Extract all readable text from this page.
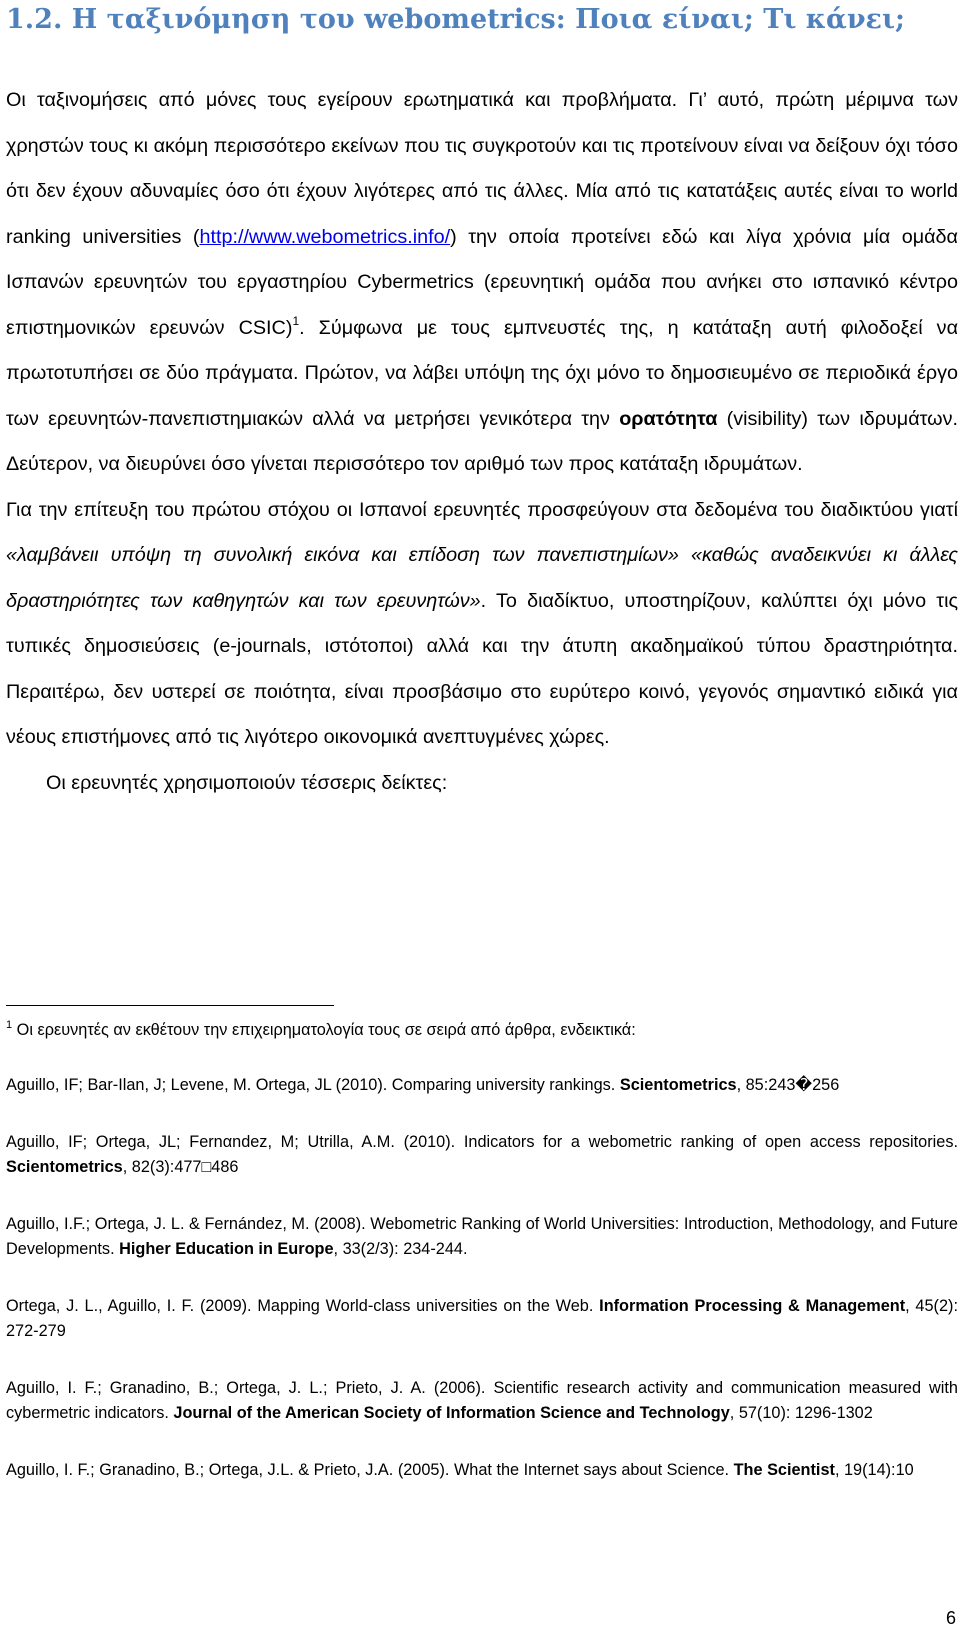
1.2. Η ταξινόμηση του webometrics: Ποια είναι; Τι κάνει;

Οι ταξινομήσεις από μόνες τους εγείρουν ερωτηματικά και προβλήματα. Γι’ αυτό, πρώτη μέριμνα των χρηστών τους κι ακόμη περισσότερο εκείνων που τις συγκροτούν και τις προτείνουν είναι να δείξουν όχι τόσο ότι δεν έχουν αδυναμίες όσο ότι έχουν λιγότερες από τις άλλες. Μία από τις κατατάξεις αυτές είναι το world ranking universities (http://www.webometrics.info/) την οποία προτείνει εδώ και λίγα χρόνια μία ομάδα Ισπανών ερευνητών του εργαστηρίου Cybermetrics (ερευνητική ομάδα που ανήκει στο ισπανικό κέντρο επιστημονικών ερευνών CSIC)$^1$. Σύμφωνα με τους εμπνευστές της, η κατάταξη αυτή φιλοδοξεί να πρωτοτυπήσει σε δύο πράγματα. Πρώτον, να λάβει υπόψη της όχι μόνο το δημοσιευμένο σε περιοδικά έργο των ερευνητών-πανεπιστημιακών αλλά να μετρήσει γενικότερα την ορατότητα (visibility) των ιδρυμάτων. Δεύτερον, να διευρύνει όσο γίνεται περισσότερο τον αριθμό των προς κατάταξη ιδρυμάτων.

Για την επίτευξη του πρώτου στόχου οι Ισπανοί ερευνητές προσφεύγουν στα δεδομένα του διαδικτύου γιατί «λαμβάνειι υπόψη τη συνολική εικόνα και επίδοση των πανεπιστημίων» «καθώς αναδεικνύει κι άλλες δραστηριότητες των καθηγητών και των ερευνητών». Το διαδίκτυο, υποστηρίζουν, καλύπτει όχι μόνο τις τυπικές δημοσιεύσεις (e-journals, ιστότοποι) αλλά και την άτυπη ακαδημαϊκού τύπου δραστηριότητα. Περαιτέρω, δεν υστερεί σε ποιότητα, είναι προσβάσιμο στο ευρύτερο κοινό, γεγονός σημαντικό ειδικά για νέους επιστήμονες από τις λιγότερο οικονομικά ανεπτυγμένες χώρες.

Οι ερευνητές χρησιμοποιούν τέσσερις δείκτες:

$^1$ Οι ερευνητές αν εκθέτουν την επιχειρηματολογία τους σε σειρά από άρθρα, ενδεικτικά:

Aguillo, IF; Bar-Ilan, J; Levene, M. Ortega, JL (2010). Comparing university rankings. Scientometrics, 85:243�256

Aguillo, IF; Ortega, JL; Fernαndez, M; Utrilla, A.M. (2010). Indicators for a webometric ranking of open access repositories. Scientometrics, 82(3):477□486

Aguillo, I.F.; Ortega, J. L. & Fernández, M. (2008). Webometric Ranking of World Universities: Introduction, Methodology, and Future Developments. Higher Education in Europe, 33(2/3): 234-244.

Ortega, J. L., Aguillo, I. F. (2009). Mapping World-class universities on the Web. Information Processing & Management, 45(2): 272-279

Aguillo, I. F.; Granadino, B.; Ortega, J. L.; Prieto, J. A. (2006). Scientific research activity and communication measured with cybermetric indicators. Journal of the American Society of Information Science and Technology, 57(10): 1296-1302

Aguillo, I. F.; Granadino, B.; Ortega, J.L. & Prieto, J.A. (2005). What the Internet says about Science. The Scientist, 19(14):10

6
